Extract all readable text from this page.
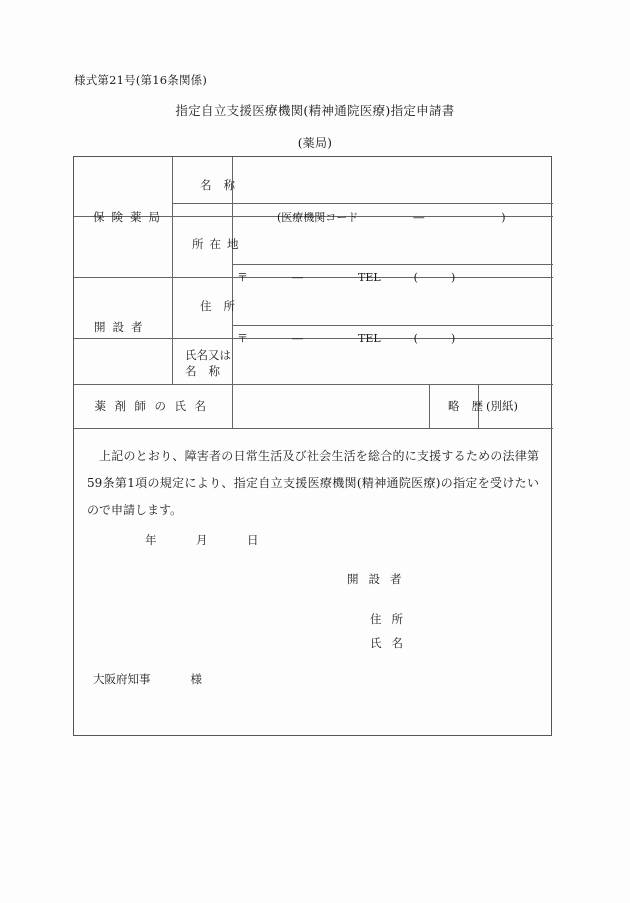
様式第21号(第16条関係)
指定自立支援医療機関(精神通院医療)指定申請書
(薬局)
保険薬局
名称
(医療機関コード　　　　　―　　　　　　　)
所在地
〒　　　　―　　　　　TEL　　　(　　　)
開設者
住所
〒　　　　―　　　　　TEL　　　(　　　)
氏名又は
名称
薬剤師の氏名	略歴
(別紙)
上記のとおり、障害者の日常生活及び社会生活を総合的に支援するための法律第59条第1項の規定により、指定自立支援医療機関(精神通院医療)の指定を受けたいので申請します。
年　月　日
開設者
住所
氏名
大阪府知事	様
